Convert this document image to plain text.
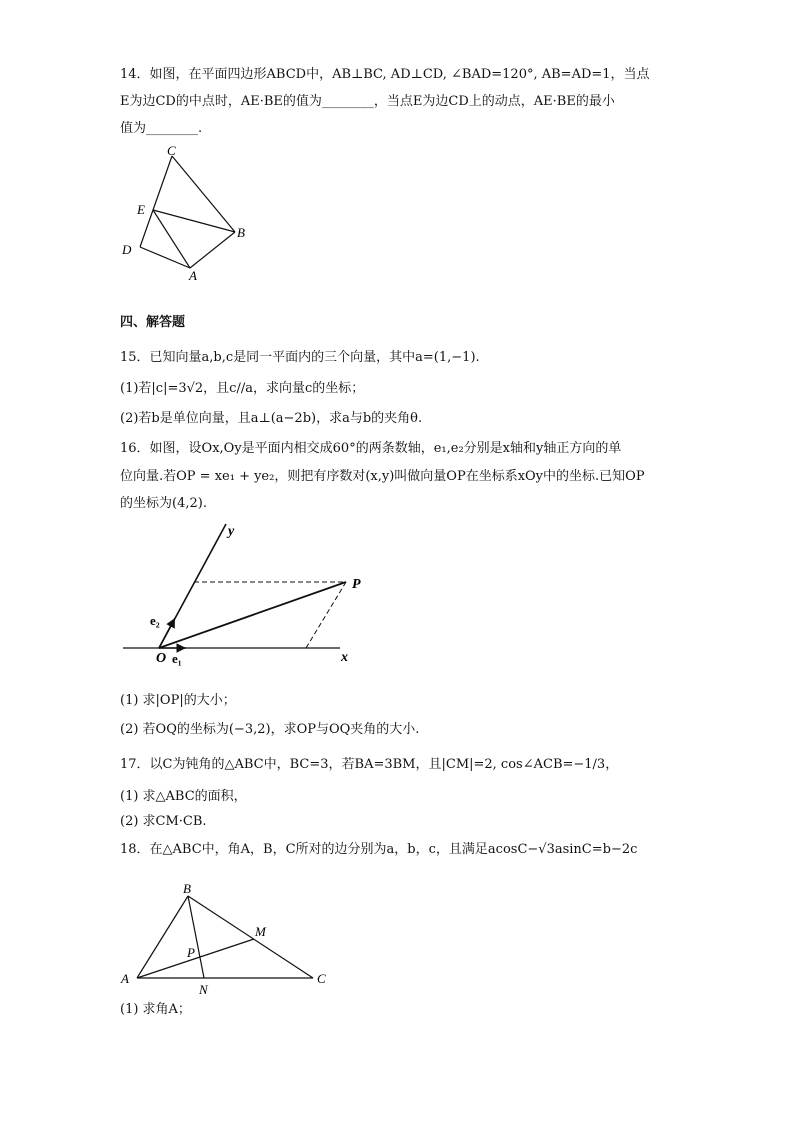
14．如图，在平面四边形ABCD中，AB⊥BC, AD⊥CD, ∠BAD=120°, AB=AD=1，当点
E为边CD的中点时，AE·BE的值为________，当点E为边CD上的动点，AE·BE的最小
值为________.
C
E
B
D
A
四、解答题
15．已知向量a,b,c是同一平面内的三个向量，其中a=(1,−1).
(1)若|c|=3√2，且c//a，求向量c的坐标；
(2)若b是单位向量，且a⊥(a−2b)，求a与b的夹角θ.
16．如图，设Ox,Oy是平面内相交成60°的两条数轴，e₁,e₂分别是x轴和y轴正方向的单
位向量.若OP = xe₁ + ye₂，则把有序数对(x,y)叫做向量OP在坐标系xOy中的坐标.已知OP
的坐标为(4,2).
y
P
e₂
O e₁	x
(1) 求|OP|的大小；
(2) 若OQ的坐标为(−3,2)，求OP与OQ夹角的大小.
17．以C为钝角的△ABC中，BC=3，若BA=3BM，且|CM|=2, cos∠ACB=−1/3，
(1) 求△ABC的面积，
(2) 求CM·CB.
18．在△ABC中，角A，B，C所对的边分别为a，b，c，且满足acosC−√3asinC=b−2c
B
M
P
A
N
C
(1) 求角A；
